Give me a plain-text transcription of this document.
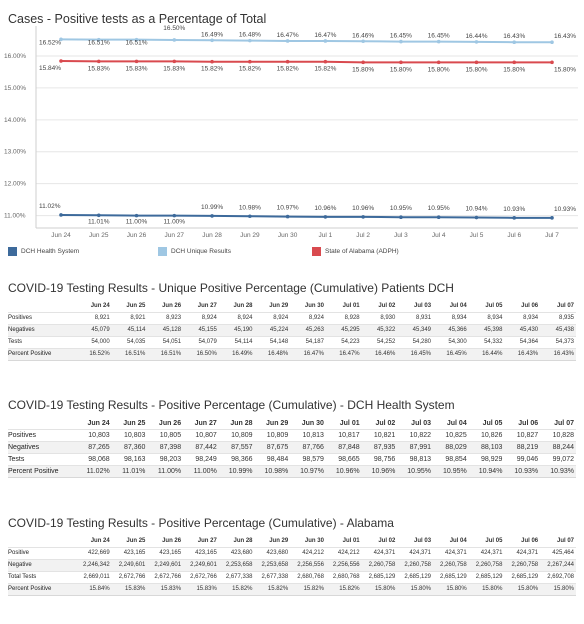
Cases - Positive tests as a Percentage of Total
16.00%
15.00%
14.00%
13.00%
12.00%
11.00%
Jun 24	Jun 25	Jun 26	Jun 27	Jun 28	Jun 29	Jun 30	Jul 1	Jul 2	Jul 3	Jul 4	Jul 5	Jul 6	Jul 7
11.02%
11.01% 11.00% 11.00%
10.99% 10.98% 10.97% 10.96% 10.96% 10.95% 10.95% 10.94% 10.93%	10.93%
16.52%	16.51% 16.51%
16.50%
16.49% 16.48% 16.47% 16.47% 16.46% 16.45% 16.45% 16.44% 16.43%	16.43%
15.84%	15.83% 15.83% 15.83% 15.82% 15.82% 15.82% 15.82% 15.80% 15.80% 15.80% 15.80% 15.80%	15.80%
DCH Health System	DCH Unique Results	State of Alabama (ADPH)
COVID-19 Testing Results - Unique Positive Percentage (Cumulative) Patients DCH
	Jun 24	Jun 25	Jun 26	Jun 27	Jun 28	Jun 29	Jun 30	Jul 01	Jul 02	Jul 03	Jul 04	Jul 05	Jul 06	Jul 07
Positives	8,921	8,921	8,923	8,924	8,924	8,924	8,924	8,928	8,930	8,931	8,934	8,934	8,934	8,935
Negatives	45,079	45,114	45,128	45,155	45,190	45,224	45,263	45,295	45,322	45,349	45,366	45,398	45,430	45,438
Tests	54,000	54,035	54,051	54,079	54,114	54,148	54,187	54,223	54,252	54,280	54,300	54,332	54,364	54,373
Percent Positive	16.52%	16.51%	16.51%	16.50%	16.49%	16.48%	16.47%	16.47%	16.46%	16.45%	16.45%	16.44%	16.43%	16.43%
COVID-19 Testing Results - Positive Percentage (Cumulative) - DCH Health System
	Jun 24	Jun 25	Jun 26	Jun 27	Jun 28	Jun 29	Jun 30	Jul 01	Jul 02	Jul 03	Jul 04	Jul 05	Jul 06	Jul 07
Positives	10,803	10,803	10,805	10,807	10,809	10,809	10,813	10,817	10,821	10,822	10,825	10,826	10,827	10,828
Negatives	87,265	87,360	87,398	87,442	87,557	87,675	87,766	87,848	87,935	87,991	88,029	88,103	88,219	88,244
Tests	98,068	98,163	98,203	98,249	98,366	98,484	98,579	98,665	98,756	98,813	98,854	98,929	99,046	99,072
Percent Positive	11.02%	11.01%	11.00%	11.00%	10.99%	10.98%	10.97%	10.96%	10.96%	10.95%	10.95%	10.94%	10.93%	10.93%
COVID-19 Testing Results - Positive Percentage (Cumulative) - Alabama
	Jun 24	Jun 25	Jun 26	Jun 27	Jun 28	Jun 29	Jun 30	Jul 01	Jul 02	Jul 03	Jul 04	Jul 05	Jul 06	Jul 07
Positive	422,669	423,165	423,165	423,165	423,680	423,680	424,212	424,212	424,371	424,371	424,371	424,371	424,371	425,464
Negative	2,246,342	2,249,601	2,249,601	2,249,601	2,253,658	2,253,658	2,256,556	2,256,556	2,260,758	2,260,758	2,260,758	2,260,758	2,260,758	2,267,244
Total Tests	2,669,011	2,672,766	2,672,766	2,672,766	2,677,338	2,677,338	2,680,768	2,680,768	2,685,129	2,685,129	2,685,129	2,685,129	2,685,129	2,692,708
Percent Positive	15.84%	15.83%	15.83%	15.83%	15.82%	15.82%	15.82%	15.82%	15.80%	15.80%	15.80%	15.80%	15.80%	15.80%
